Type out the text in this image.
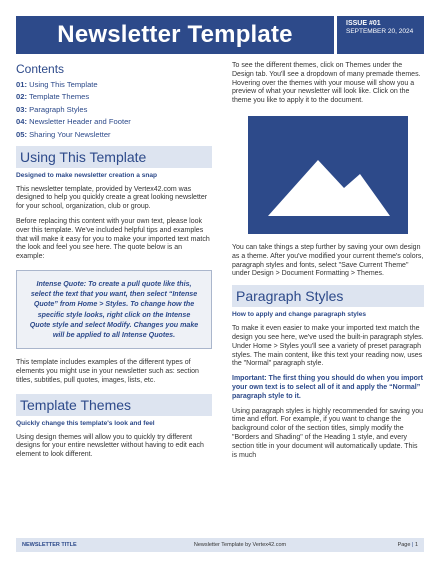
Newsletter Template	ISSUE #01
SEPTEMBER 20, 2024
Contents
01: Using This Template
02: Template Themes
03: Paragraph Styles
04: Newsletter Header and Footer
05: Sharing Your Newsletter
Using This Template
Designed to make newsletter creation a snap

This newsletter template, provided by Vertex42.com was designed to help you quickly create a great looking newsletter for your school, organization, club or group.

Before replacing this content with your own text, please look over this template. We've included helpful tips and examples that will make it easy for you to make your imported text match the look and feel you see here. The quote below is an example:

Intense Quote: To create a pull quote like this, select the text that you want, then select “Intense Quote” from Home > Styles. To change how the specific style looks, right click on the Intense Quote style and select Modify. Changes you make will be applied to all Intense Quotes.

This template includes examples of the different types of elements you might use in your newsletter such as: section titles, subtitles, pull quotes, images, lists, etc.

Template Themes
Quickly change this template's look and feel

Using design themes will allow you to quickly try different designs for your entire newsletter without having to edit each element to look different.

To see the different themes, click on Themes under the Design tab. You'll see a dropdown of many premade themes. Hovering over the themes with your mouse will show you a preview of what your newsletter will look like. Click on the theme you like to apply it to the document.

You can take things a step further by saving your own design as a theme. After you've modified your current theme's colors, paragraph styles and fonts, select "Save Current Theme" under Design > Document Formatting > Themes.

Paragraph Styles
How to apply and change paragraph styles

To make it even easier to make your imported text match the design you see here, we've used the built-in paragraph styles. Under Home > Styles you'll see a variety of preset paragraph styles. The main content, like this text your reading now, uses the "Normal" paragraph style.

Important: The first thing you should do when you import your own text is to select all of it and apply the “Normal” paragraph style to it.

Using paragraph styles is highly recommended for saving you time and effort. For example, if you want to change the background color of the section titles, simply modify the "Borders and Shading" of the Heading 1 style, and every section title in your document will automatically update. This is much

NEWSLETTER TITLE	Newsletter Template by Vertex42.com	Page | 1
